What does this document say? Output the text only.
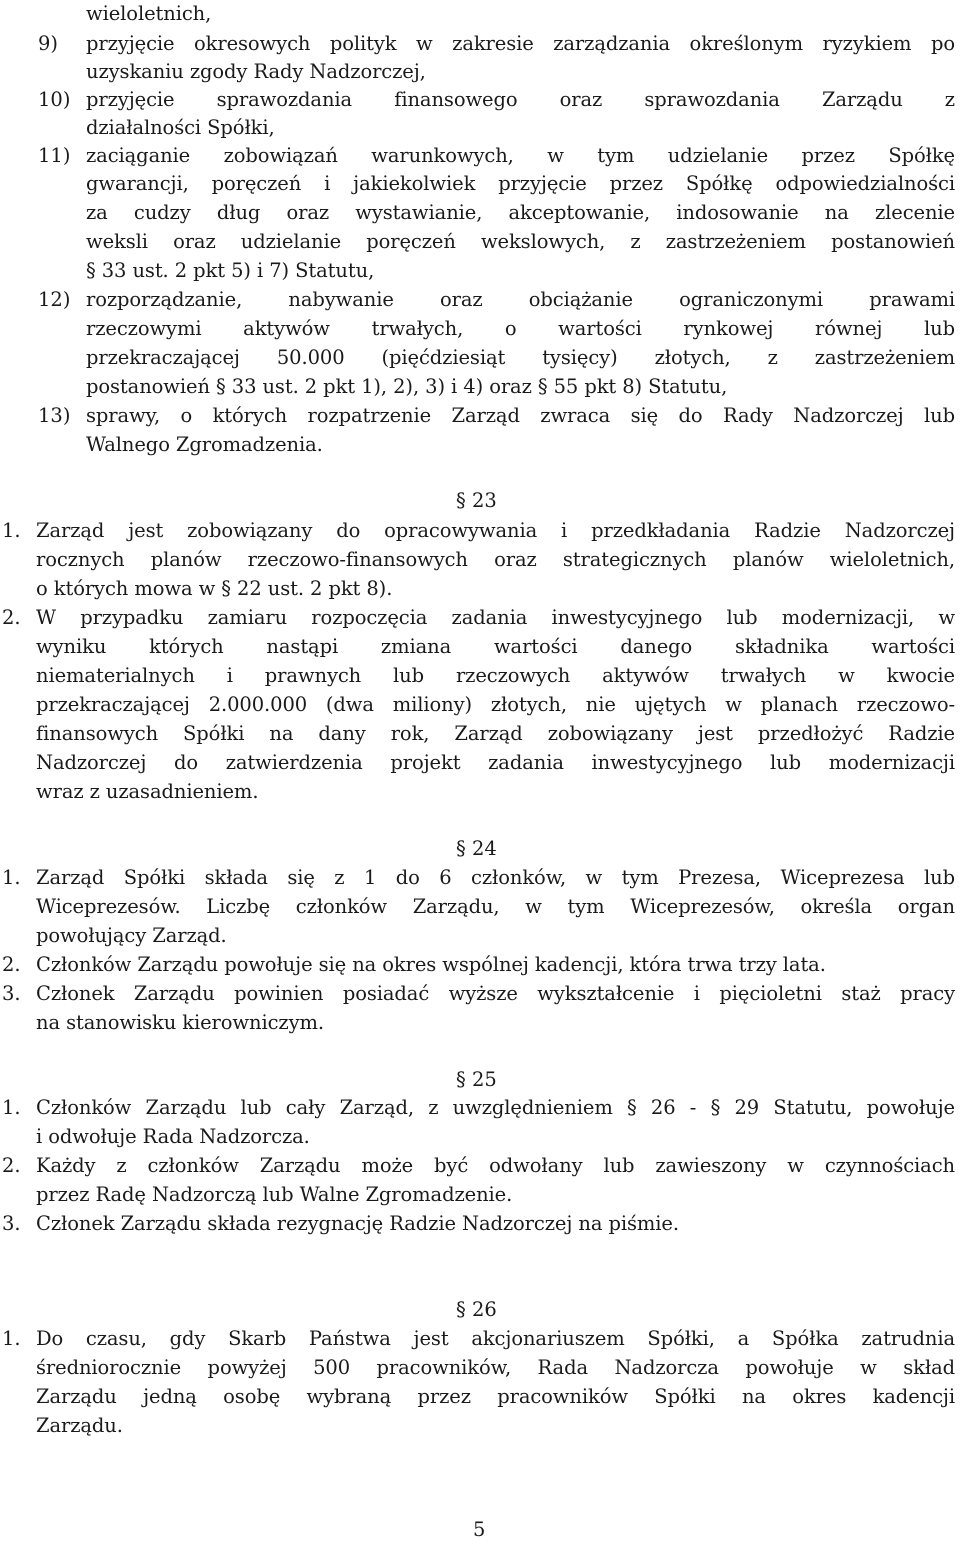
wieloletnich,
9) przyjęcie okresowych polityk w zakresie zarządzania określonym ryzykiem po
uzyskaniu zgody Rady Nadzorczej,
10) przyjęcie sprawozdania finansowego oraz sprawozdania Zarządu z
działalności Spółki,
11) zaciąganie zobowiązań warunkowych, w tym udzielanie przez Spółkę
gwarancji, poręczeń i jakiekolwiek przyjęcie przez Spółkę odpowiedzialności
za cudzy dług oraz wystawianie, akceptowanie, indosowanie na zlecenie
weksli oraz udzielanie poręczeń wekslowych, z zastrzeżeniem postanowień
§ 33 ust. 2 pkt 5) i 7) Statutu,
12) rozporządzanie, nabywanie oraz obciążanie ograniczonymi prawami
rzeczowymi aktywów trwałych, o wartości rynkowej równej lub
przekraczającej 50.000 (pięćdziesiąt tysięcy) złotych, z zastrzeżeniem
postanowień § 33 ust. 2 pkt 1), 2), 3) i 4) oraz § 55 pkt 8) Statutu,
13) sprawy, o których rozpatrzenie Zarząd zwraca się do Rady Nadzorczej lub
Walnego Zgromadzenia.
§ 23
1. Zarząd jest zobowiązany do opracowywania i przedkładania Radzie Nadzorczej
rocznych planów rzeczowo-finansowych oraz strategicznych planów wieloletnich,
o których mowa w § 22 ust. 2 pkt 8).
2. W przypadku zamiaru rozpoczęcia zadania inwestycyjnego lub modernizacji, w
wyniku których nastąpi zmiana wartości danego składnika wartości
niematerialnych i prawnych lub rzeczowych aktywów trwałych w kwocie
przekraczającej 2.000.000 (dwa miliony) złotych, nie ujętych w planach rzeczowo-
finansowych Spółki na dany rok, Zarząd zobowiązany jest przedłożyć Radzie
Nadzorczej do zatwierdzenia projekt zadania inwestycyjnego lub modernizacji
wraz z uzasadnieniem.
§ 24
1. Zarząd Spółki składa się z 1 do 6 członków, w tym Prezesa, Wiceprezesa lub
Wiceprezesów. Liczbę członków Zarządu, w tym Wiceprezesów, określa organ
powołujący Zarząd.
2. Członków Zarządu powołuje się na okres wspólnej kadencji, która trwa trzy lata.
3. Członek Zarządu powinien posiadać wyższe wykształcenie i pięcioletni staż pracy
na stanowisku kierowniczym.
§ 25
1. Członków Zarządu lub cały Zarząd, z uwzględnieniem § 26 - § 29 Statutu, powołuje
i odwołuje Rada Nadzorcza.
2. Każdy z członków Zarządu może być odwołany lub zawieszony w czynnościach
przez Radę Nadzorczą lub Walne Zgromadzenie.
3. Członek Zarządu składa rezygnację Radzie Nadzorczej na piśmie.
§ 26
1. Do czasu, gdy Skarb Państwa jest akcjonariuszem Spółki, a Spółka zatrudnia
średniorocznie powyżej 500 pracowników, Rada Nadzorcza powołuje w skład
Zarządu jedną osobę wybraną przez pracowników Spółki na okres kadencji
Zarządu.
5
